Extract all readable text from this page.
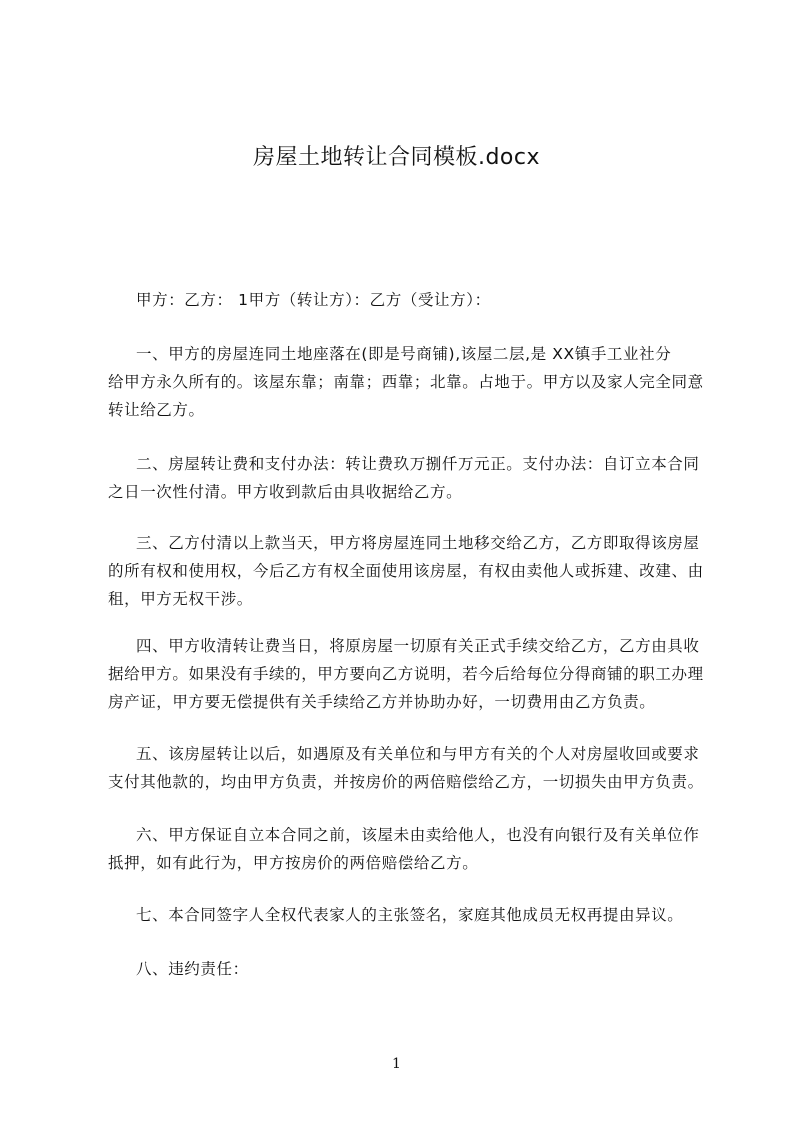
房屋土地转让合同模板.docx
甲方：乙方： 1甲方（转让方）：乙方（受让方）：
一、甲方的房屋连同土地座落在(即是号商铺),该屋二层,是 XX镇手工业社分
给甲方永久所有的。该屋东靠；南靠；西靠；北靠。占地于。甲方以及家人完全同意
转让给乙方。
二、房屋转让费和支付办法：转让费玖万捌仟万元正。支付办法：自订立本合同
之日一次性付清。甲方收到款后由具收据给乙方。
三、乙方付清以上款当天，甲方将房屋连同土地移交给乙方，乙方即取得该房屋
的所有权和使用权，今后乙方有权全面使用该房屋，有权由卖他人或拆建、改建、由
租，甲方无权干涉。
四、甲方收清转让费当日，将原房屋一切原有关正式手续交给乙方，乙方由具收
据给甲方。如果没有手续的，甲方要向乙方说明，若今后给每位分得商铺的职工办理
房产证，甲方要无偿提供有关手续给乙方并协助办好，一切费用由乙方负责。
五、该房屋转让以后，如遇原及有关单位和与甲方有关的个人对房屋收回或要求
支付其他款的，均由甲方负责，并按房价的两倍赔偿给乙方，一切损失由甲方负责。
六、甲方保证自立本合同之前，该屋未由卖给他人，也没有向银行及有关单位作
抵押，如有此行为，甲方按房价的两倍赔偿给乙方。
七、本合同签字人全权代表家人的主张签名，家庭其他成员无权再提由异议。
八、违约责任：
1
